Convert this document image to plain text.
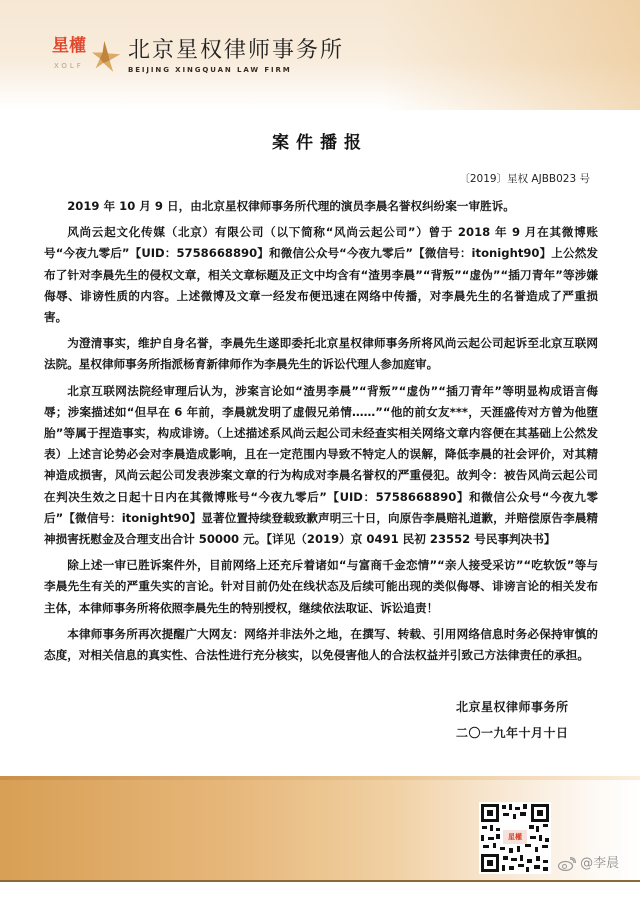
星權
XOLF
北京星权律师事务所
BEIJING XINGQUAN LAW FIRM
案件播报
〔2019〕星权 AJBB023 号

2019 年 10 月 9 日，由北京星权律师事务所代理的演员李晨名誉权纠纷案一审胜诉。

风尚云起文化传媒（北京）有限公司（以下简称“风尚云起公司”）曾于 2018 年 9 月在其微博账号“今夜九零后”【UID：5758668890】和微信公众号“今夜九零后”【微信号：itonight90】上公然发布了针对李晨先生的侵权文章，相关文章标题及正文中均含有“渣男李晨”“背叛”“虚伪”“插刀青年”等涉嫌侮辱、诽谤性质的内容。上述微博及文章一经发布便迅速在网络中传播，对李晨先生的名誉造成了严重损害。

为澄清事实，维护自身名誉，李晨先生遂即委托北京星权律师事务所将风尚云起公司起诉至北京互联网法院。星权律师事务所指派杨育新律师作为李晨先生的诉讼代理人参加庭审。

北京互联网法院经审理后认为，涉案言论如“渣男李晨”“背叛”“虚伪”“插刀青年”等明显构成语言侮辱；涉案描述如“但早在 6 年前，李晨就发明了虚假兄弟情……”“他的前女友***，天涯盛传对方曾为他堕胎”等属于捏造事实，构成诽谤。（上述描述系风尚云起公司未经查实相关网络文章内容便在其基础上公然发表）上述言论势必会对李晨造成影响，且在一定范围内导致不特定人的误解，降低李晨的社会评价，对其精神造成损害，风尚云起公司发表涉案文章的行为构成对李晨名誉权的严重侵犯。故判令：被告风尚云起公司在判决生效之日起十日内在其微博账号“今夜九零后”【UID：5758668890】和微信公众号“今夜九零后”【微信号：itonight90】显著位置持续登载致歉声明三十日，向原告李晨赔礼道歉，并赔偿原告李晨精神损害抚慰金及合理支出合计 50000 元。【详见（2019）京 0491 民初 23552 号民事判决书】

除上述一审已胜诉案件外，目前网络上还充斥着诸如“与富商千金恋情”“亲人接受采访”“吃软饭”等与李晨先生有关的严重失实的言论。针对目前仍处在线状态及后续可能出现的类似侮辱、诽谤言论的相关发布主体，本律师事务所将依照李晨先生的特别授权，继续依法取证、诉讼追责！

本律师事务所再次提醒广大网友：网络并非法外之地，在撰写、转载、引用网络信息时务必保持审慎的态度，对相关信息的真实性、合法性进行充分核实，以免侵害他人的合法权益并引致己方法律责任的承担。

北京星权律师事务所
二〇一九年十月十日
星權
@李晨
